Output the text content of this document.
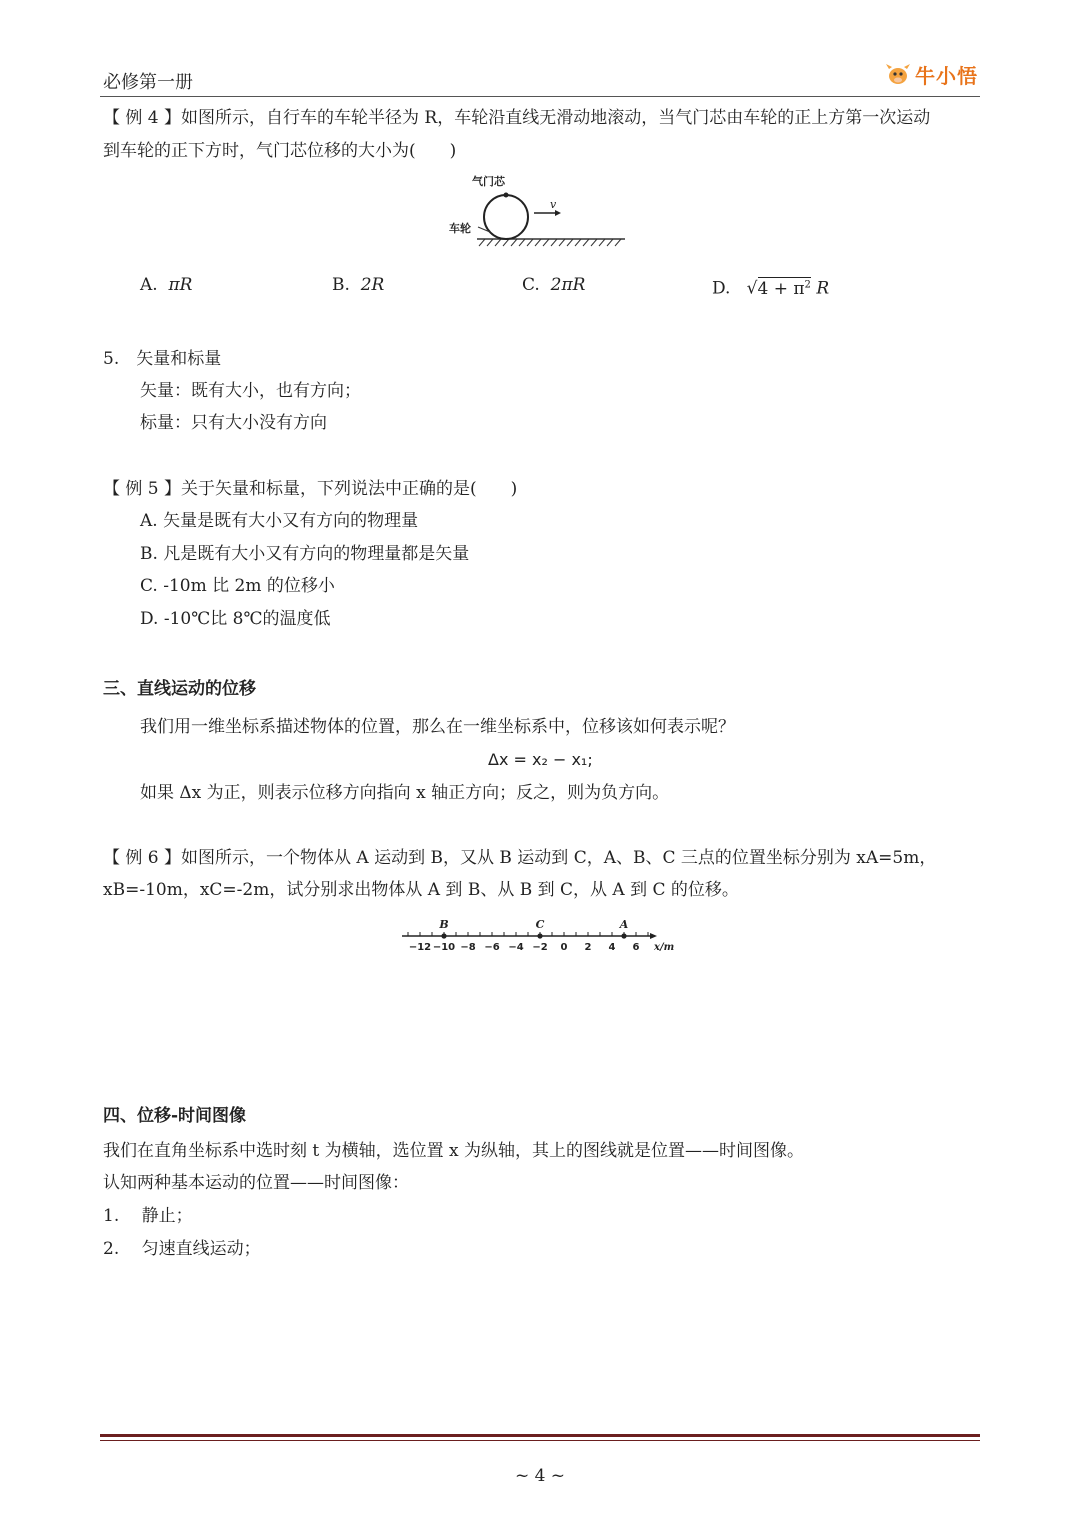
必修第一册	牛小悟
【 例 4 】如图所示，自行车的车轮半径为 R，车轮沿直线无滑动地滚动，当气门芯由车轮的正上方第一次运动
到车轮的正下方时，气门芯位移的大小为(　　)
气门芯
车轮
v
A. πR	B. 2R	C. 2πR	D. $√4 + \pi^2$ R
5.　矢量和标量
矢量：既有大小，也有方向；
标量：只有大小没有方向
【 例 5 】关于矢量和标量，下列说法中正确的是(　　)
A. 矢量是既有大小又有方向的物理量
B. 凡是既有大小又有方向的物理量都是矢量
C. -10m 比 2m 的位移小
D. -10℃比 8℃的温度低
三、直线运动的位移
我们用一维坐标系描述物体的位置，那么在一维坐标系中，位移该如何表示呢？
Δx = x₂ − x₁;
如果 Δx 为正，则表示位移方向指向 x 轴正方向；反之，则为负方向。
【 例 6 】如图所示，一个物体从 A 运动到 B，又从 B 运动到 C，A、B、C 三点的位置坐标分别为 xA=5m，
xB=-10m，xC=-2m，试分别求出物体从 A 到 B、从 B 到 C，从 A 到 C 的位移。
−12 −10 −8 −6 −4 −2 0 2 4 6
B	C	A
x/m
四、位移-时间图像
我们在直角坐标系中选时刻 t 为横轴，选位置 x 为纵轴，其上的图线就是位置——时间图像。
认知两种基本运动的位置——时间图像：
1.　 静止；
2.　 匀速直线运动；
~ 4 ~
